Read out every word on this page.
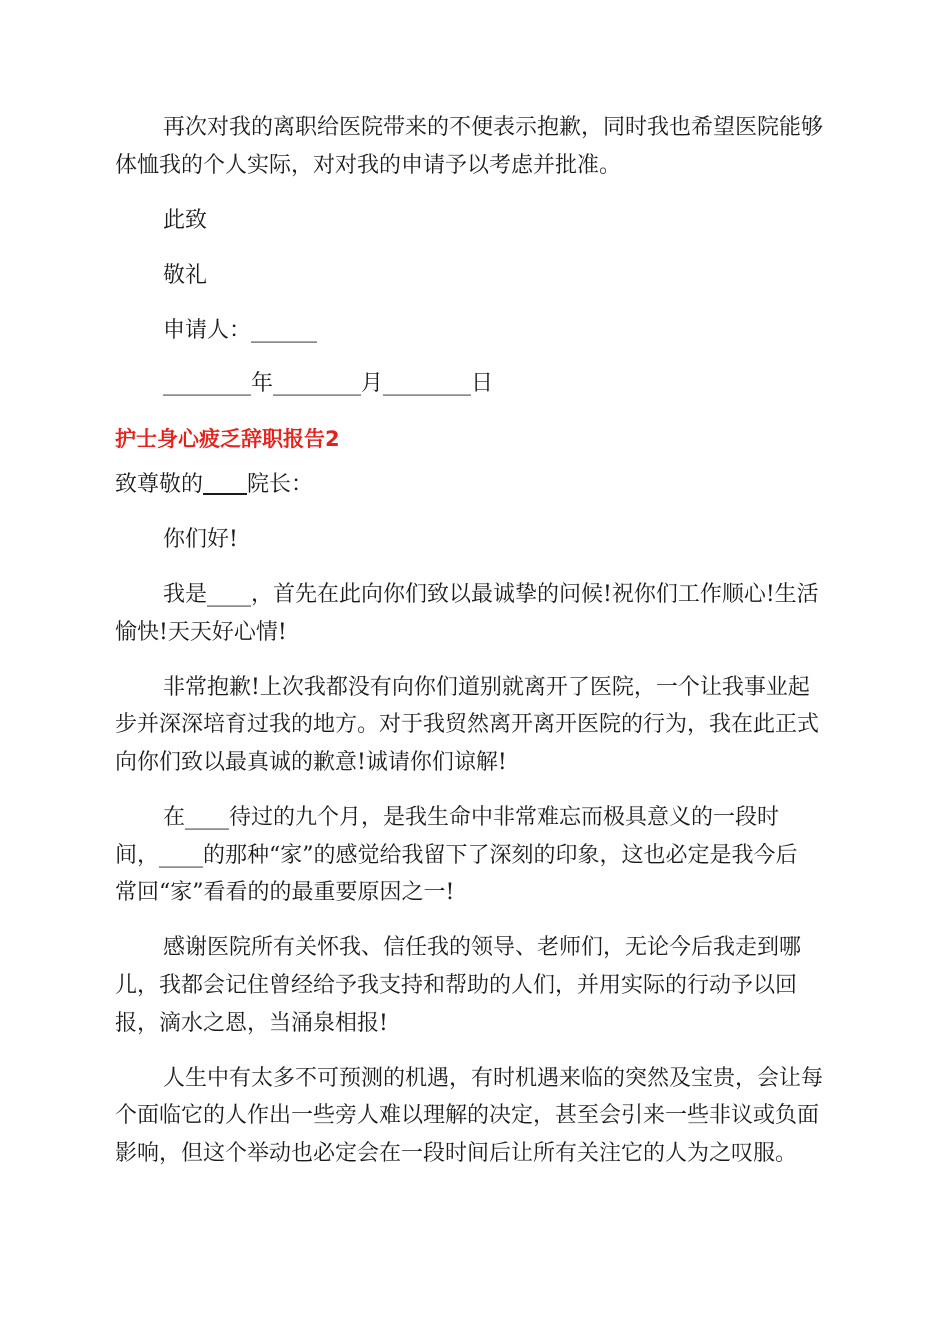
再次对我的离职给医院带来的不便表示抱歉，同时我也希望医院能够
体恤我的个人实际，对对我的申请予以考虑并批准。
此致
敬礼
申请人：______
________年________月________日
护士身心疲乏辞职报告2
致尊敬的 院长：
你们好!
我是____，首先在此向你们致以最诚挚的问候!祝你们工作顺心!生活
愉快!天天好心情!
非常抱歉!上次我都没有向你们道别就离开了医院，一个让我事业起
步并深深培育过我的地方。对于我贸然离开离开医院的行为，我在此正式
向你们致以最真诚的歉意!诚请你们谅解!
在____待过的九个月，是我生命中非常难忘而极具意义的一段时
间，____的那种“家”的感觉给我留下了深刻的印象，这也必定是我今后
常回“家”看看的的最重要原因之一!
感谢医院所有关怀我、信任我的领导、老师们，无论今后我走到哪
儿，我都会记住曾经给予我支持和帮助的人们，并用实际的行动予以回
报，滴水之恩，当涌泉相报!
人生中有太多不可预测的机遇，有时机遇来临的突然及宝贵，会让每
个面临它的人作出一些旁人难以理解的决定，甚至会引来一些非议或负面
影响，但这个举动也必定会在一段时间后让所有关注它的人为之叹服。
